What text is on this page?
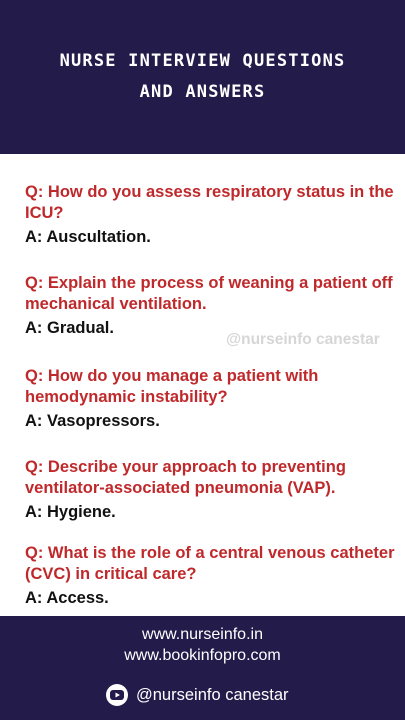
NURSE INTERVIEW QUESTIONS
AND ANSWERS
Q: How do you assess respiratory status in the ICU?
A: Auscultation.
Q: Explain the process of weaning a patient off mechanical ventilation.
A: Gradual.
Q: How do you manage a patient with hemodynamic instability?
A: Vasopressors.
Q: Describe your approach to preventing ventilator-associated pneumonia (VAP).
A: Hygiene.
Q: What is the role of a central venous catheter (CVC) in critical care?
A: Access.
@nurseinfo canestar
www.nurseinfo.in
www.bookinfopro.com
@nurseinfo canestar
